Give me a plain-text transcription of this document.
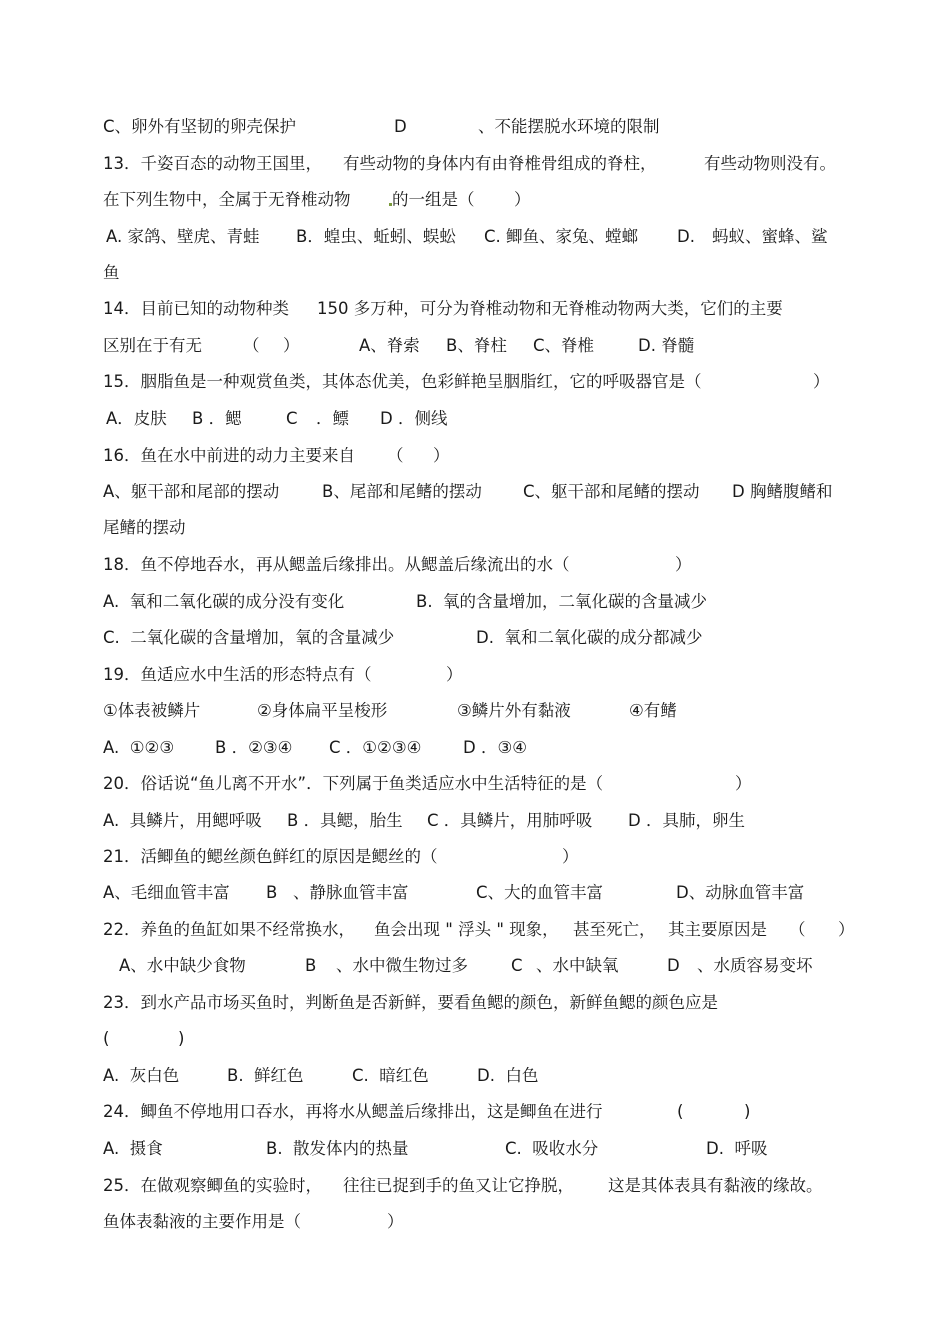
C、卵外有坚韧的卵壳保护

	D

	、不能摆脱水环境的限制

13．千姿百态的动物王国里，

有些动物的身体内有由脊椎骨组成的脊柱，

	有些动物则没有。

在下列生物中，全属于无脊椎动物

	的一组是（

）

A. 家鸽、壁虎、青蛙

B．蝗虫、蚯蚓、蜈蚣

C. 鲫鱼、家兔、螳螂

D.

蚂蚁、蜜蜂、鲨

鱼

14．目前已知的动物种类

150 多万种，可分为脊椎动物和无脊椎动物两大类，它们的主要

区别在于有无

（

）

	A、脊索

B、脊柱

C、脊椎

	D. 脊髓

15．胭脂鱼是一种观赏鱼类，其体态优美，色彩鲜艳呈胭脂红，它的呼吸器官是（

	）

A．皮肤

B ．鳃

	C

．鳔

D ．侧线

16．鱼在水中前进的动力主要来自

（

）

A、躯干部和尾部的摆动

	B、尾部和尾鳍的摆动

C、躯干部和尾鳍的摆动

D 胸鳍腹鳍和

尾鳍的摆动

18．鱼不停地吞水，再从鳃盖后缘排出。从鳃盖后缘流出的水（

	）

A.  氧和二氧化碳的成分没有变化

	B.  氧的含量增加，二氧化碳的含量减少

C.  二氧化碳的含量增加，氧的含量减少

	D.  氧和二氧化碳的成分都减少

19．鱼适应水中生活的形态特点有（

	）

①体表被鳞片

	②身体扁平呈梭形

	③鳞片外有黏液

	④有鳍

A.  ①②③

B ．②③④

C ．①②③④

	D ．③④

20．俗话说“鱼儿离不开水”．下列属于鱼类适应水中生活特征的是（

	）

A.  具鳞片，用鳃呼吸

B ．具鳃，胎生

C ．具鳞片，用肺呼吸

D ．具肺，卵生

21．活鲫鱼的鳃丝颜色鲜红的原因是鳃丝的（

	）

A、毛细血管丰富

B

、静脉血管丰富

	C、大的血管丰富

	D、动脉血管丰富

22．养鱼的鱼缸如果不经常换水，

鱼会出现 " 浮头 " 现象，

甚至死亡，

其主要原因是

（

）

A、水中缺少食物

	B

、水中微生物过多

	C

、水中缺氧

	D

、水质容易变坏

23．到水产品市场买鱼时，判断鱼是否新鲜，要看鱼鳃的颜色，新鲜鱼鳃的颜色应是

(

	)

A.  灰白色

	B.  鲜红色

	C.  暗红色

	D.  白色

24．鲫鱼不停地用口吞水，再将水从鳃盖后缘排出，这是鲫鱼在进行

	(

	)

A.  摄食

	B.  散发体内的热量

	C.  吸收水分

	D.  呼吸

25．在做观察鲫鱼的实验时，

往往已捉到手的鱼又让它挣脱，

这是其体表具有黏液的缘故。

鱼体表黏液的主要作用是（

	）
